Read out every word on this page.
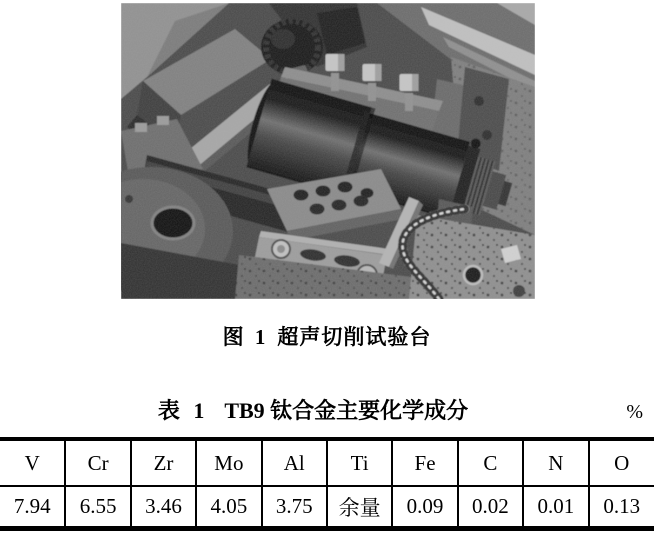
图 1 超声切削试验台

表 1 TB9 钛合金主要化学成分	%
V	Cr	Zr	Mo	Al	Ti	Fe	C	N	O
7.94	6.55	3.46	4.05	3.75	余量	0.09	0.02	0.01	0.13
